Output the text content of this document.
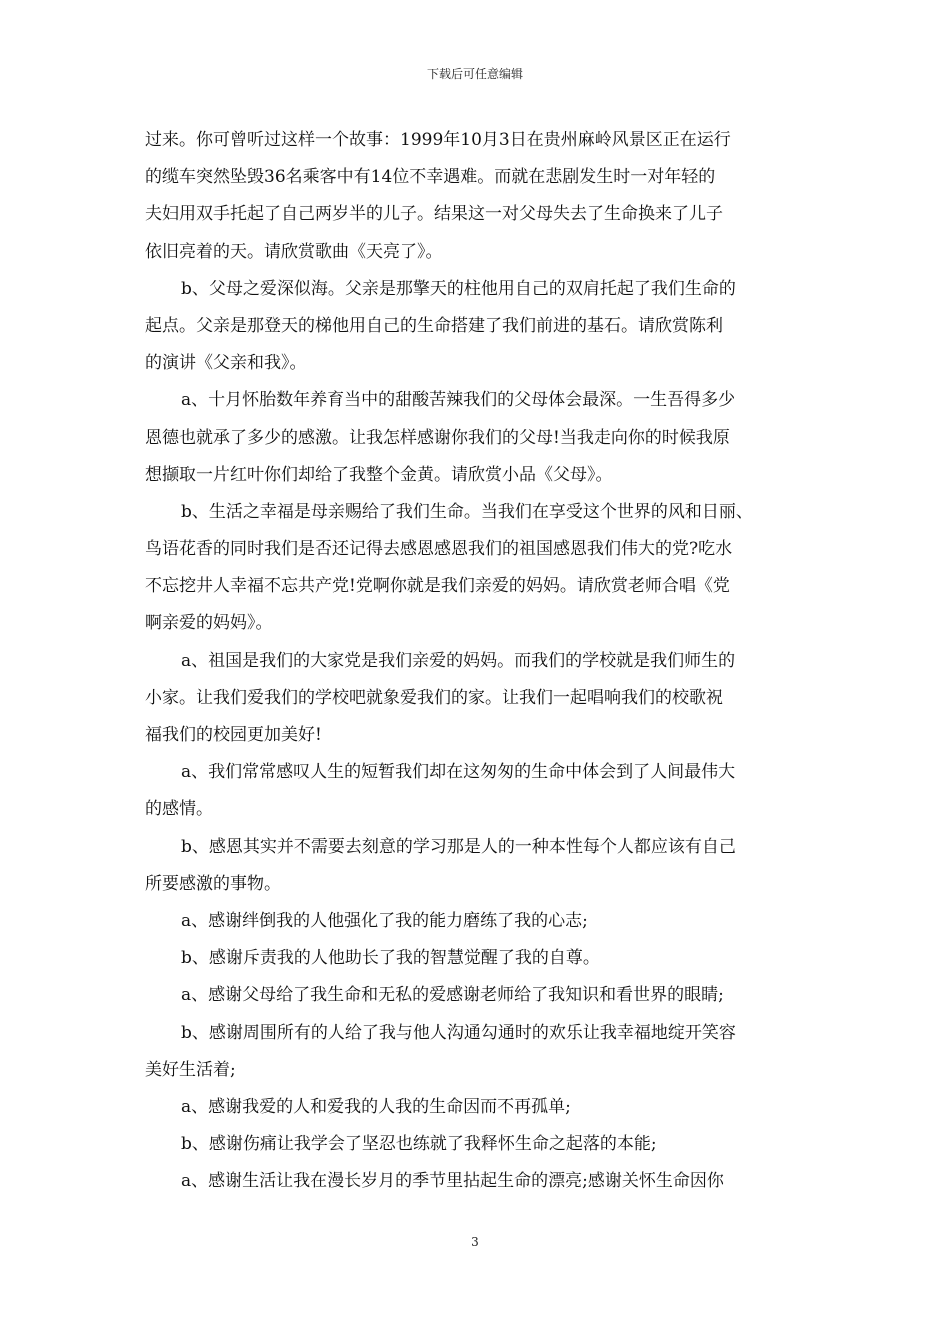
下载后可任意编辑

过来。你可曾听过这样一个故事：1999年10月3日在贵州麻岭风景区正在运行
的缆车突然坠毁36名乘客中有14位不幸遇难。而就在悲剧发生时一对年轻的
夫妇用双手托起了自己两岁半的儿子。结果这一对父母失去了生命换来了儿子
依旧亮着的天。请欣赏歌曲《天亮了》。

b、父母之爱深似海。父亲是那擎天的柱他用自己的双肩托起了我们生命的
起点。父亲是那登天的梯他用自己的生命搭建了我们前进的基石。请欣赏陈利
的演讲《父亲和我》。

a、十月怀胎数年养育当中的甜酸苦辣我们的父母体会最深。一生吾得多少
恩德也就承了多少的感激。让我怎样感谢你我们的父母!当我走向你的时候我原
想撷取一片红叶你们却给了我整个金黄。请欣赏小品《父母》。

b、生活之幸福是母亲赐给了我们生命。当我们在享受这个世界的风和日丽、
鸟语花香的同时我们是否还记得去感恩感恩我们的祖国感恩我们伟大的党?吃水
不忘挖井人幸福不忘共产党!党啊你就是我们亲爱的妈妈。请欣赏老师合唱《党
啊亲爱的妈妈》。

a、祖国是我们的大家党是我们亲爱的妈妈。而我们的学校就是我们师生的
小家。让我们爱我们的学校吧就象爱我们的家。让我们一起唱响我们的校歌祝
福我们的校园更加美好!

a、我们常常感叹人生的短暂我们却在这匆匆的生命中体会到了人间最伟大
的感情。

b、感恩其实并不需要去刻意的学习那是人的一种本性每个人都应该有自己
所要感激的事物。

a、感谢绊倒我的人他强化了我的能力磨练了我的心志;

b、感谢斥责我的人他助长了我的智慧觉醒了我的自尊。

a、感谢父母给了我生命和无私的爱感谢老师给了我知识和看世界的眼睛;

b、感谢周围所有的人给了我与他人沟通勾通时的欢乐让我幸福地绽开笑容
美好生活着;

a、感谢我爱的人和爱我的人我的生命因而不再孤单;

b、感谢伤痛让我学会了坚忍也练就了我释怀生命之起落的本能;

a、感谢生活让我在漫长岁月的季节里拈起生命的漂亮;感谢关怀生命因你

3
